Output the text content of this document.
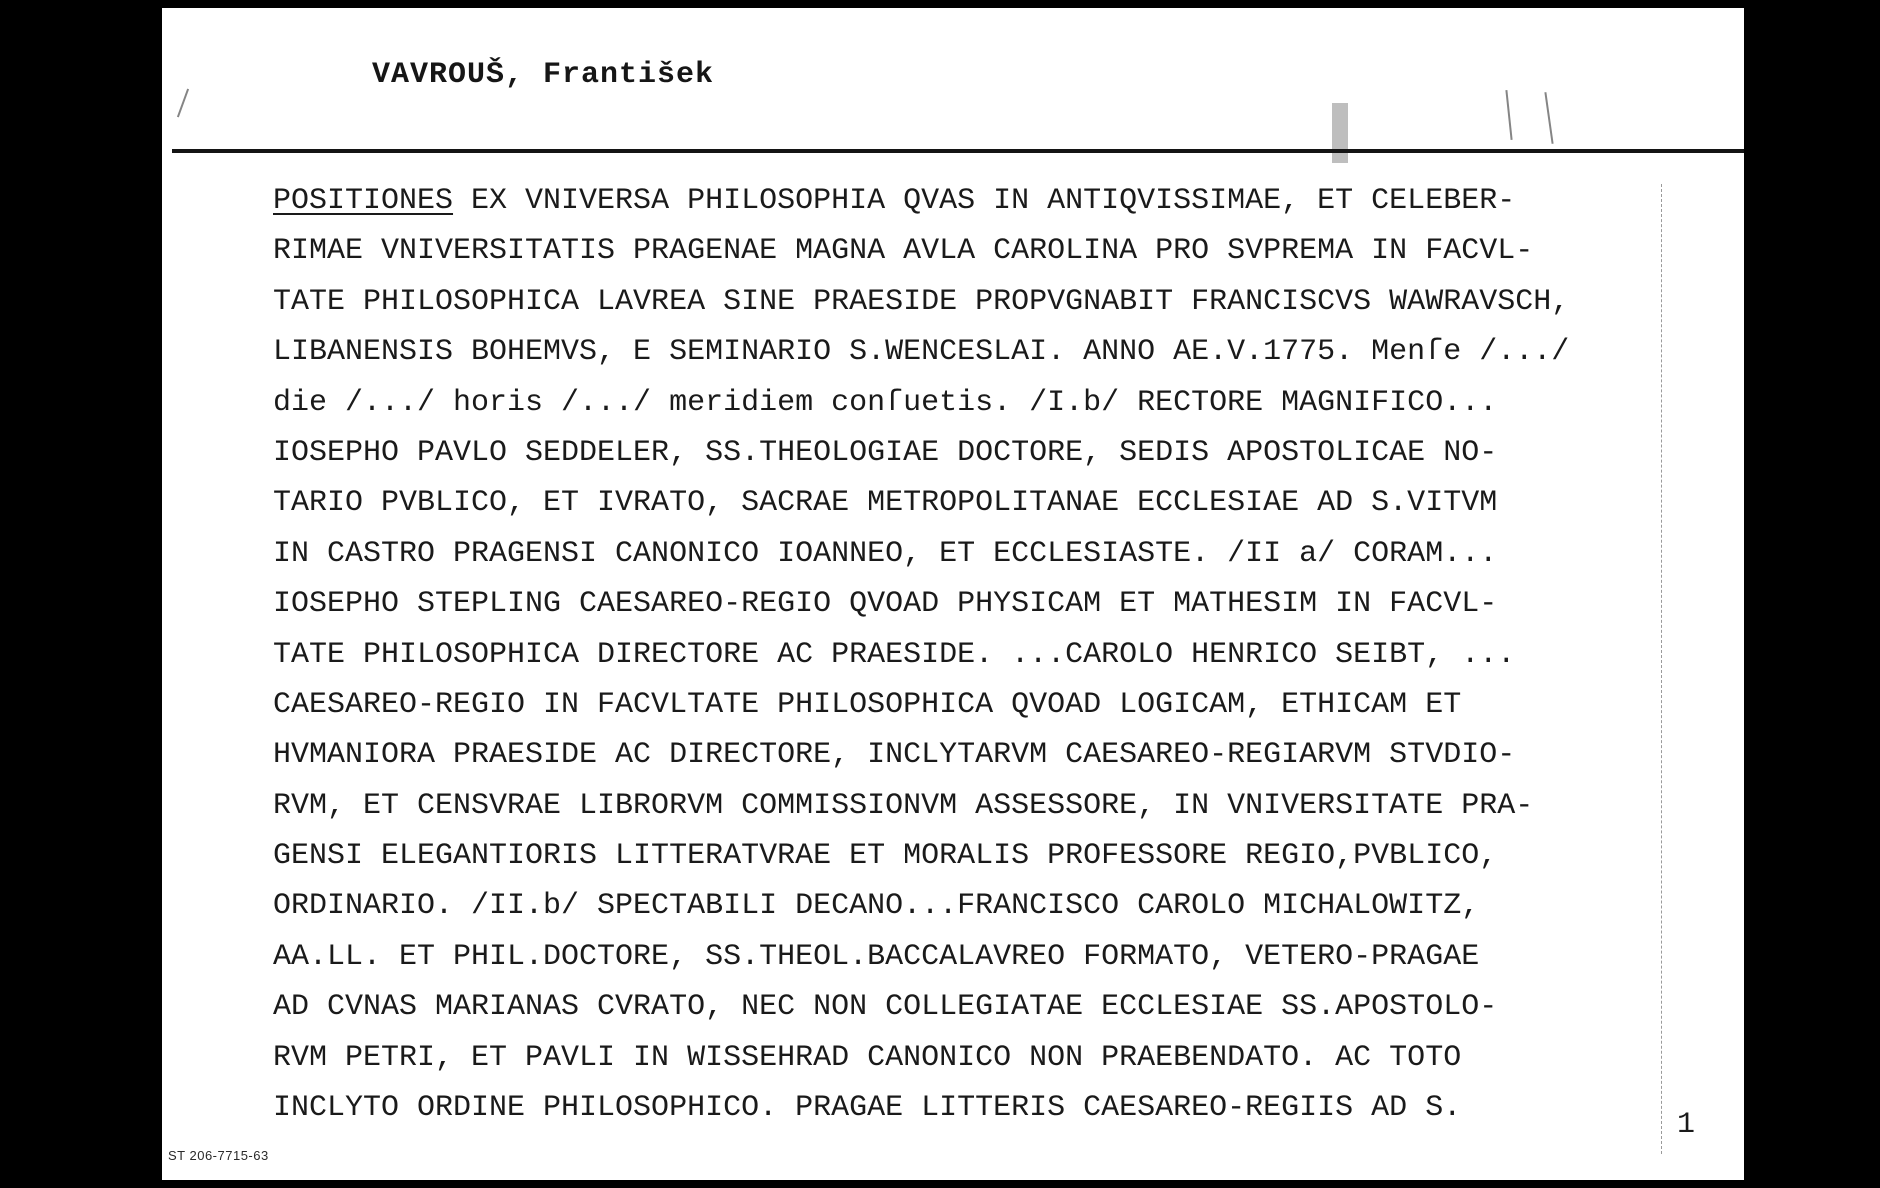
VAVROUŠ, František
POSITIONES EX VNIVERSA PHILOSOPHIA QVAS IN ANTIQVISSIMAE, ET CELEBER-
RIMAE VNIVERSITATIS PRAGENAE MAGNA AVLA CAROLINA PRO SVPREMA IN FACVL-
TATE PHILOSOPHICA LAVREA SINE PRAESIDE PROPVGNABIT FRANCISCVS WAWRAVSCH,
LIBANENSIS BOHEMVS, E SEMINARIO S.WENCESLAI. ANNO AE.V.1775. Menſe /.../
die /.../ horis /.../ meridiem conſuetis. /I.b/ RECTORE MAGNIFICO...
IOSEPHO PAVLO SEDDELER, SS.THEOLOGIAE DOCTORE, SEDIS APOSTOLICAE NO-
TARIO PVBLICO, ET IVRATO, SACRAE METROPOLITANAE ECCLESIAE AD S.VITVM
IN CASTRO PRAGENSI CANONICO IOANNEO, ET ECCLESIASTE. /II a/ CORAM...
IOSEPHO STEPLING CAESAREO-REGIO QVOAD PHYSICAM ET MATHESIM IN FACVL-
TATE PHILOSOPHICA DIRECTORE AC PRAESIDE. ...CAROLO HENRICO SEIBT, ...
CAESAREO-REGIO IN FACVLTATE PHILOSOPHICA QVOAD LOGICAM, ETHICAM ET
HVMANIORA PRAESIDE AC DIRECTORE, INCLYTARVM CAESAREO-REGIARVM STVDIO-
RVM, ET CENSVRAE LIBRORVM COMMISSIONVM ASSESSORE, IN VNIVERSITATE PRA-
GENSI ELEGANTIORIS LITTERATVRAE ET MORALIS PROFESSORE REGIO,PVBLICO,
ORDINARIO. /II.b/ SPECTABILI DECANO...FRANCISCO CAROLO MICHALOWITZ,
AA.LL. ET PHIL.DOCTORE, SS.THEOL.BACCALAVREO FORMATO, VETERO-PRAGAE
AD CVNAS MARIANAS CVRATO, NEC NON COLLEGIATAE ECCLESIAE SS.APOSTOLO-
RVM PETRI, ET PAVLI IN WISSEHRAD CANONICO NON PRAEBENDATO. AC TOTO
INCLYTO ORDINE PHILOSOPHICO. PRAGAE LITTERIS CAESAREO-REGIIS AD S.	1
ST 206-7715-63
